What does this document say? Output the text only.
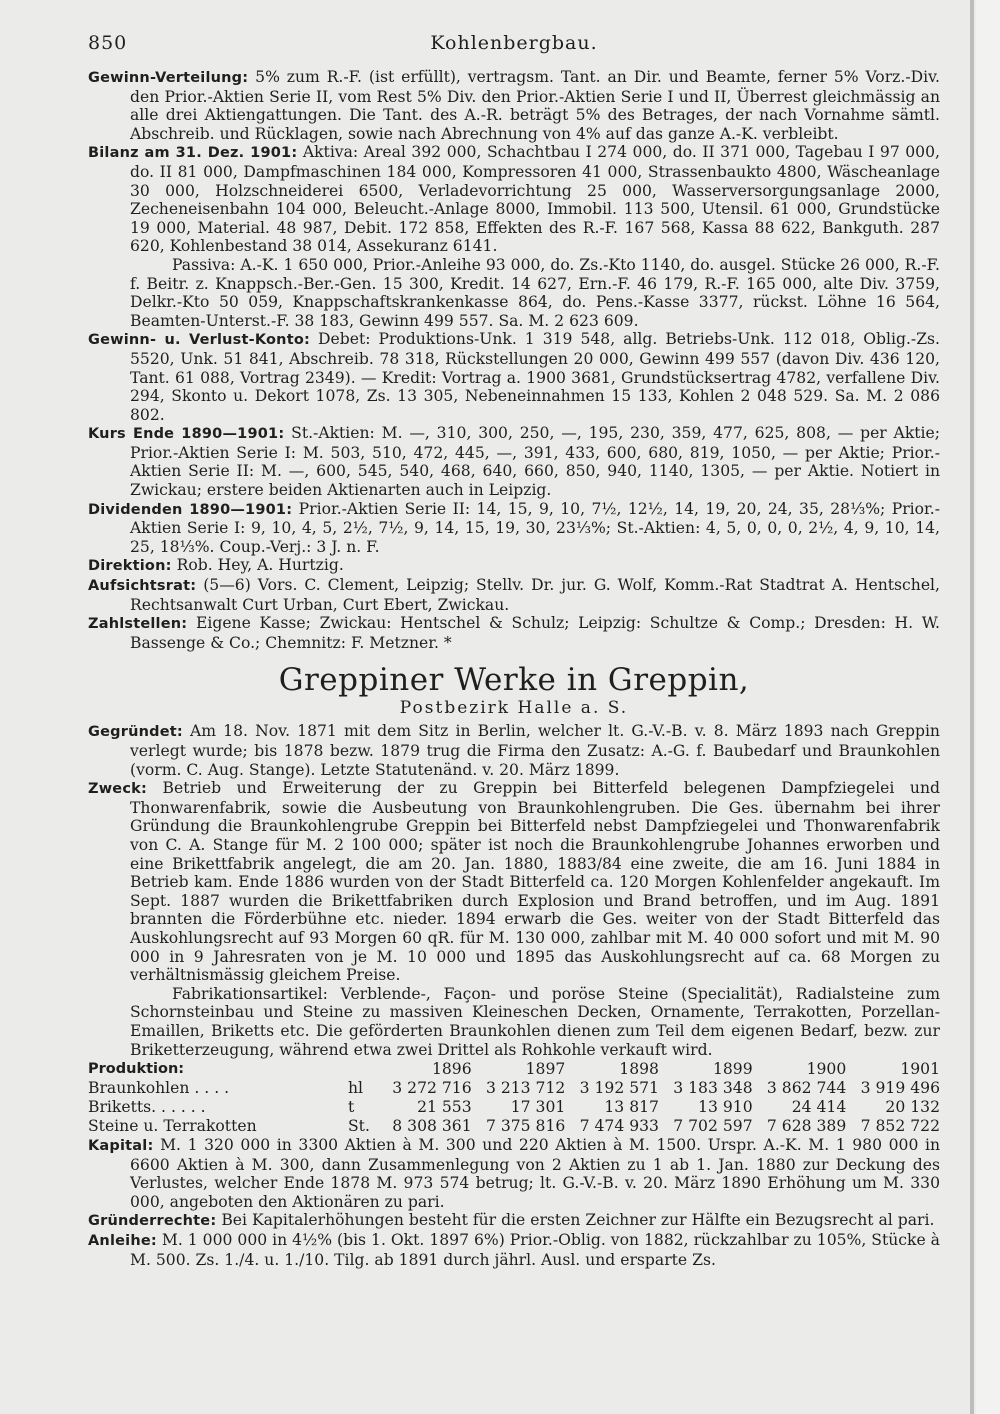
850	Kohlenbergbau.

Gewinn-Verteilung: 5% zum R.-F. (ist erfüllt), vertragsm. Tant. an Dir. und Beamte, ferner 5% Vorz.-Div. den Prior.-Aktien Serie II, vom Rest 5% Div. den Prior.-Aktien Serie I und II, Überrest gleichmässig an alle drei Aktiengattungen. Die Tant. des A.-R. beträgt 5% des Betrages, der nach Vornahme sämtl. Abschreib. und Rücklagen, sowie nach Abrechnung von 4% auf das ganze A.-K. verbleibt.

Bilanz am 31. Dez. 1901: Aktiva: Areal 392 000, Schachtbau I 274 000, do. II 371 000, Tagebau I 97 000, do. II 81 000, Dampfmaschinen 184 000, Kompressoren 41 000, Strassenbaukto 4800, Wäscheanlage 30 000, Holzschneiderei 6500, Verladevorrichtung 25 000, Wasserversorgungsanlage 2000, Zecheneisenbahn 104 000, Beleucht.-Anlage 8000, Immobil. 113 500, Utensil. 61 000, Grundstücke 19 000, Material. 48 987, Debit. 172 858, Effekten des R.-F. 167 568, Kassa 88 622, Bankguth. 287 620, Kohlenbestand 38 014, Assekuranz 6141.

Passiva: A.-K. 1 650 000, Prior.-Anleihe 93 000, do. Zs.-Kto 1140, do. ausgel. Stücke 26 000, R.-F. f. Beitr. z. Knappsch.-Ber.-Gen. 15 300, Kredit. 14 627, Ern.-F. 46 179, R.-F. 165 000, alte Div. 3759, Delkr.-Kto 50 059, Knappschaftskrankenkasse 864, do. Pens.-Kasse 3377, rückst. Löhne 16 564, Beamten-Unterst.-F. 38 183, Gewinn 499 557. Sa. M. 2 623 609.

Gewinn- u. Verlust-Konto: Debet: Produktions-Unk. 1 319 548, allg. Betriebs-Unk. 112 018, Oblig.-Zs. 5520, Unk. 51 841, Abschreib. 78 318, Rückstellungen 20 000, Gewinn 499 557 (davon Div. 436 120, Tant. 61 088, Vortrag 2349). — Kredit: Vortrag a. 1900 3681, Grundstücksertrag 4782, verfallene Div. 294, Skonto u. Dekort 1078, Zs. 13 305, Nebeneinnahmen 15 133, Kohlen 2 048 529. Sa. M. 2 086 802.

Kurs Ende 1890—1901: St.-Aktien: M. —, 310, 300, 250, —, 195, 230, 359, 477, 625, 808, — per Aktie; Prior.-Aktien Serie I: M. 503, 510, 472, 445, —, 391, 433, 600, 680, 819, 1050, — per Aktie; Prior.-Aktien Serie II: M. —, 600, 545, 540, 468, 640, 660, 850, 940, 1140, 1305, — per Aktie. Notiert in Zwickau; erstere beiden Aktienarten auch in Leipzig.

Dividenden 1890—1901: Prior.-Aktien Serie II: 14, 15, 9, 10, 7½, 12½, 14, 19, 20, 24, 35, 28⅓%; Prior.-Aktien Serie I: 9, 10, 4, 5, 2½, 7½, 9, 14, 15, 19, 30, 23⅓%; St.-Aktien: 4, 5, 0, 0, 0, 2½, 4, 9, 10, 14, 25, 18⅓%. Coup.-Verj.: 3 J. n. F.

Direktion: Rob. Hey, A. Hurtzig.

Aufsichtsrat: (5—6) Vors. C. Clement, Leipzig; Stellv. Dr. jur. G. Wolf, Komm.-Rat Stadtrat A. Hentschel, Rechtsanwalt Curt Urban, Curt Ebert, Zwickau.

Zahlstellen: Eigene Kasse; Zwickau: Hentschel & Schulz; Leipzig: Schultze & Comp.; Dresden: H. W. Bassenge & Co.; Chemnitz: F. Metzner. *

Greppiner Werke in Greppin,
Postbezirk Halle a. S.

Gegründet: Am 18. Nov. 1871 mit dem Sitz in Berlin, welcher lt. G.-V.-B. v. 8. März 1893 nach Greppin verlegt wurde; bis 1878 bezw. 1879 trug die Firma den Zusatz: A.-G. f. Baubedarf und Braunkohlen (vorm. C. Aug. Stange). Letzte Statutenänd. v. 20. März 1899.

Zweck: Betrieb und Erweiterung der zu Greppin bei Bitterfeld belegenen Dampfziegelei und Thonwarenfabrik, sowie die Ausbeutung von Braunkohlengruben. Die Ges. übernahm bei ihrer Gründung die Braunkohlengrube Greppin bei Bitterfeld nebst Dampfziegelei und Thonwarenfabrik von C. A. Stange für M. 2 100 000; später ist noch die Braunkohlengrube Johannes erworben und eine Brikettfabrik angelegt, die am 20. Jan. 1880, 1883/84 eine zweite, die am 16. Juni 1884 in Betrieb kam. Ende 1886 wurden von der Stadt Bitterfeld ca. 120 Morgen Kohlenfelder angekauft. Im Sept. 1887 wurden die Brikettfabriken durch Explosion und Brand betroffen, und im Aug. 1891 brannten die Förderbühne etc. nieder. 1894 erwarb die Ges. weiter von der Stadt Bitterfeld das Auskohlungsrecht auf 93 Morgen 60 qR. für M. 130 000, zahlbar mit M. 40 000 sofort und mit M. 90 000 in 9 Jahresraten von je M. 10 000 und 1895 das Auskohlungsrecht auf ca. 68 Morgen zu verhältnismässig gleichem Preise.

Fabrikationsartikel: Verblende-, Façon- und poröse Steine (Specialität), Radialsteine zum Schornsteinbau und Steine zu massiven Kleineschen Decken, Ornamente, Terrakotten, Porzellan-Emaillen, Briketts etc. Die geförderten Braunkohlen dienen zum Teil dem eigenen Bedarf, bezw. zur Briketterzeugung, während etwa zwei Drittel als Rohkohle verkauft wird.

Produktion:		1896	1897	1898	1899	1900	1901
Braunkohlen . . . .	hl	3 272 716	3 213 712	3 192 571	3 183 348	3 862 744	3 919 496
Briketts. . . . . .	t	21 553	17 301	13 817	13 910	24 414	20 132
Steine u. Terrakotten	St.	8 308 361	7 375 816	7 474 933	7 702 597	7 628 389	7 852 722

Kapital: M. 1 320 000 in 3300 Aktien à M. 300 und 220 Aktien à M. 1500. Urspr. A.-K. M. 1 980 000 in 6600 Aktien à M. 300, dann Zusammenlegung von 2 Aktien zu 1 ab 1. Jan. 1880 zur Deckung des Verlustes, welcher Ende 1878 M. 973 574 betrug; lt. G.-V.-B. v. 20. März 1890 Erhöhung um M. 330 000, angeboten den Aktionären zu pari.

Gründerrechte: Bei Kapitalerhöhungen besteht für die ersten Zeichner zur Hälfte ein Bezugsrecht al pari.

Anleihe: M. 1 000 000 in 4½% (bis 1. Okt. 1897 6%) Prior.-Oblig. von 1882, rückzahlbar zu 105%, Stücke à M. 500. Zs. 1./4. u. 1./10. Tilg. ab 1891 durch jährl. Ausl. und ersparte Zs.
